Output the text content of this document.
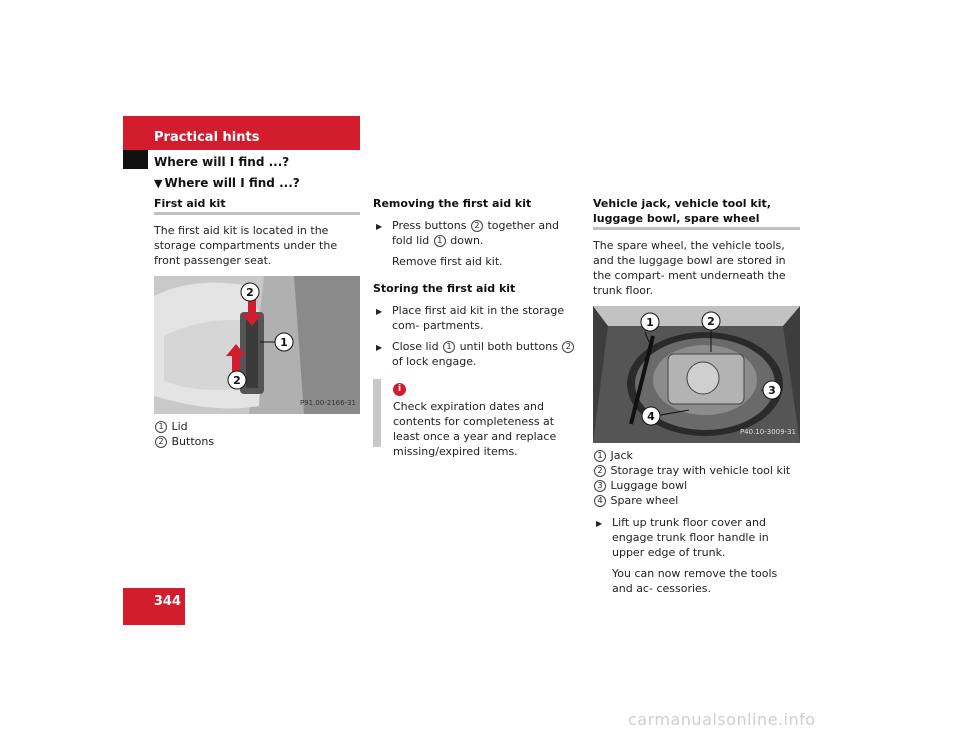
Practical hints
Where will I find ...?
▼ Where will I find ...?
First aid kit

The first aid kit is located in the storage compartments under the front passenger seat.

2
1
2
P91.00-2166-31
1 Lid
2 Buttons
Removing the first aid kit
▶ Press buttons 2 together and fold lid 1 down.
Remove first aid kit.
Storing the first aid kit
▶ Place first aid kit in the storage com- partments.
▶ Close lid 1 until both buttons 2 of lock engage.
i
Check expiration dates and contents for completeness at least once a year and replace missing/expired items.
Vehicle jack, vehicle tool kit, luggage bowl, spare wheel

The spare wheel, the vehicle tools, and the luggage bowl are stored in the compart- ment underneath the trunk floor.

1	2
3
4
P40.10-3009-31
1 Jack
2 Storage tray with vehicle tool kit
3 Luggage bowl
4 Spare wheel
▶ Lift up trunk floor cover and engage trunk floor handle in upper edge of trunk.
You can now remove the tools and ac- cessories.
344
carmanualsonline.info
